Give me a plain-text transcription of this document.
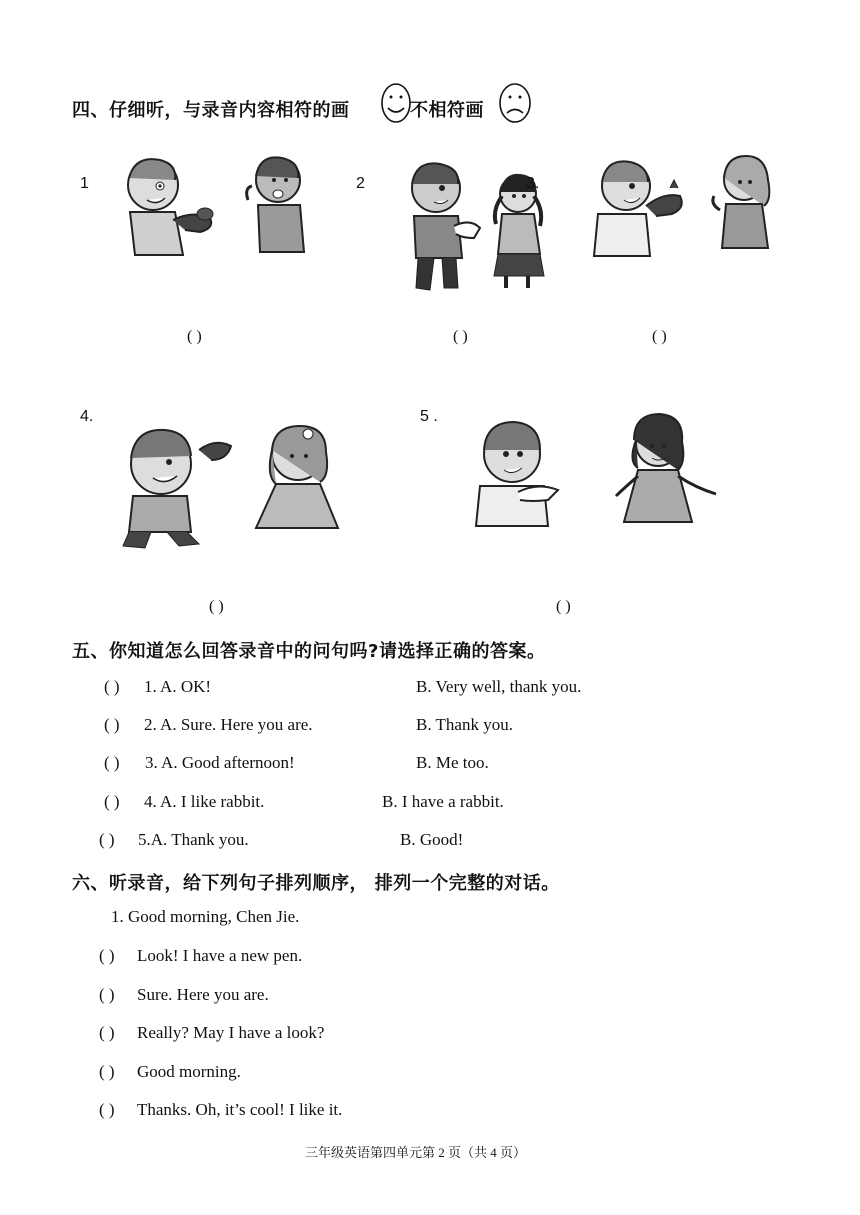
四、仔细听，与录音内容相符的画	不相符画
1	2	3.
4.	5 .
( )	( )	( )
( )	( )
五、你知道怎么回答录音中的问句吗?请选择正确的答案。
( ) 1. A. OK!	B. Very well, thank you.
( ) 2. A. Sure. Here you are.	B. Thank you.
( ) 3. A. Good afternoon!	B. Me too.
( ) 4. A. I like rabbit.	B. I have a rabbit.
( ) 5.A. Thank you.	B. Good!
六、听录音，给下列句子排列顺序， 排列一个完整的对话。
1. Good morning, Chen Jie.
( ) Look! I have a new pen.
( ) Sure. Here you are.
( ) Really? May I have a look?
( ) Good morning.
( ) Thanks. Oh, it’s cool! I like it.
三年级英语第四单元第 2 页（共 4 页）
